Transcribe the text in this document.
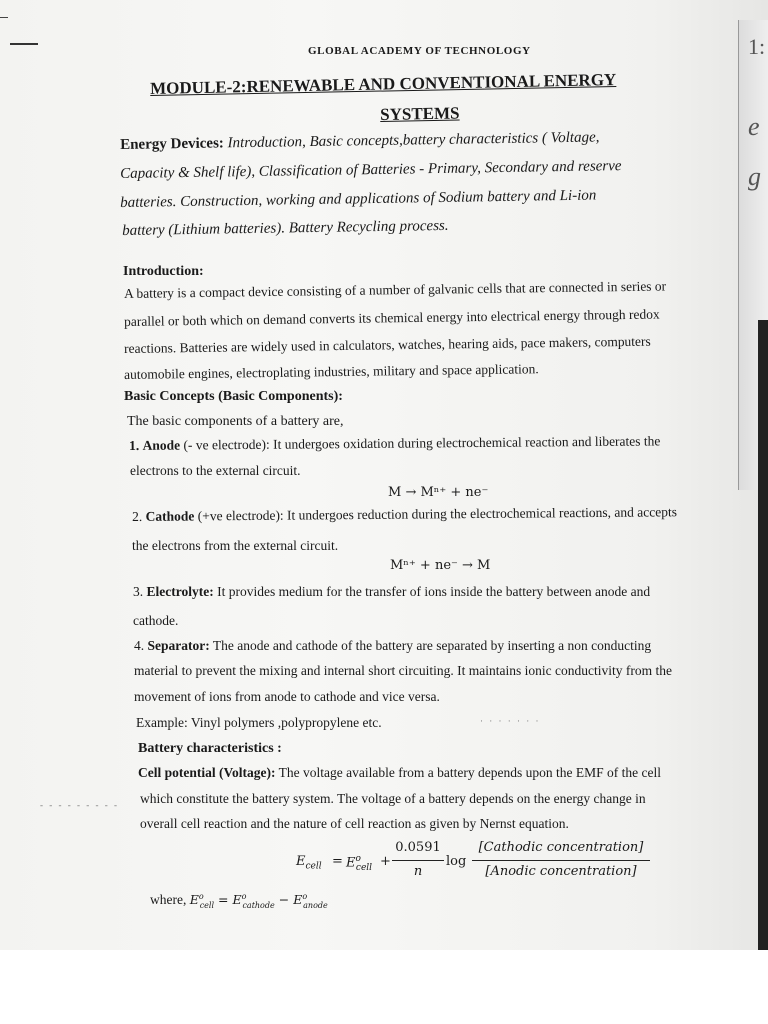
1:
e
g
GLOBAL ACADEMY OF TECHNOLOGY
MODULE-2:RENEWABLE AND CONVENTIONAL ENERGY
SYSTEMS
Energy Devices: Introduction, Basic concepts,battery characteristics ( Voltage,
Capacity & Shelf life), Classification of Batteries - Primary, Secondary and reserve
batteries. Construction, working and applications of Sodium battery and Li-ion
battery (Lithium batteries). Battery Recycling process.
Introduction:
A battery is a compact device consisting of a number of galvanic cells that are connected in series or
parallel or both which on demand converts its chemical energy into electrical energy through redox
reactions. Batteries are widely used in calculators, watches, hearing aids, pace makers, computers
automobile engines, electroplating industries, military and space application.
Basic Concepts (Basic Components):
The basic components of a battery are,
1. Anode (- ve electrode): It undergoes oxidation during electrochemical reaction and liberates the
electrons to the external circuit.
M → Mⁿ⁺ + ne⁻
2. Cathode (+ve electrode): It undergoes reduction during the electrochemical reactions, and accepts
the electrons from the external circuit.
Mⁿ⁺ + ne⁻ → M
3. Electrolyte: It provides medium for the transfer of ions inside the battery between anode and
cathode.
4. Separator: The anode and cathode of the battery are separated by inserting a non conducting
material to prevent the mixing and internal short circuiting. It maintains ionic conductivity from the
movement of ions from anode to cathode and vice versa.
Example: Vinyl polymers ,polypropylene etc.	· · · · · · ·
Battery characteristics :
Cell potential (Voltage): The voltage available from a battery depends upon the EMF of the cell
which constitute the battery system. The voltage of a battery depends on the energy change in
- - - - - - - - -
overall cell reaction and the nature of cell reaction as given by Nernst equation.
$E_{cell} = E^o_{cell}$ +
0.0591
n
log
[Cathodic concentration]
[Anodic concentration]
where, $E^o_{cell} = E^o_{cathode} - E^o_{anode}$
